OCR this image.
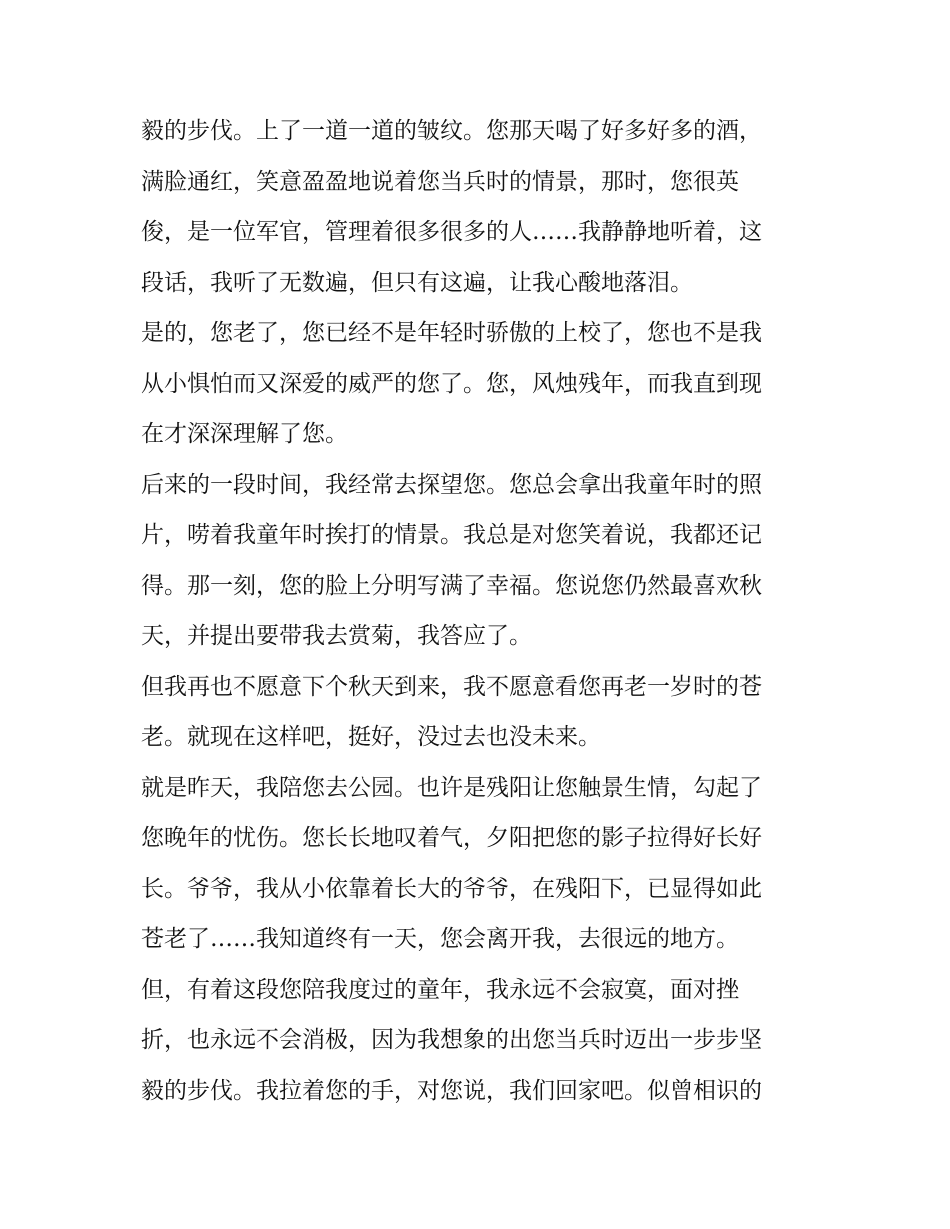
毅的步伐。上了一道一道的皱纹。您那天喝了好多好多的酒，
满脸通红，笑意盈盈地说着您当兵时的情景，那时，您很英
俊，是一位军官，管理着很多很多的人……我静静地听着，这
段话，我听了无数遍，但只有这遍，让我心酸地落泪。
是的，您老了，您已经不是年轻时骄傲的上校了，您也不是我
从小惧怕而又深爱的威严的您了。您，风烛残年，而我直到现
在才深深理解了您。
后来的一段时间，我经常去探望您。您总会拿出我童年时的照
片，唠着我童年时挨打的情景。我总是对您笑着说，我都还记
得。那一刻，您的脸上分明写满了幸福。您说您仍然最喜欢秋
天，并提出要带我去赏菊，我答应了。
但我再也不愿意下个秋天到来，我不愿意看您再老一岁时的苍
老。就现在这样吧，挺好，没过去也没未来。
就是昨天，我陪您去公园。也许是残阳让您触景生情，勾起了
您晚年的忧伤。您长长地叹着气，夕阳把您的影子拉得好长好
长。爷爷，我从小依靠着长大的爷爷，在残阳下，已显得如此
苍老了……我知道终有一天，您会离开我，去很远的地方。
但，有着这段您陪我度过的童年，我永远不会寂寞，面对挫
折，也永远不会消极，因为我想象的出您当兵时迈出一步步坚
毅的步伐。我拉着您的手，对您说，我们回家吧。似曾相识的
